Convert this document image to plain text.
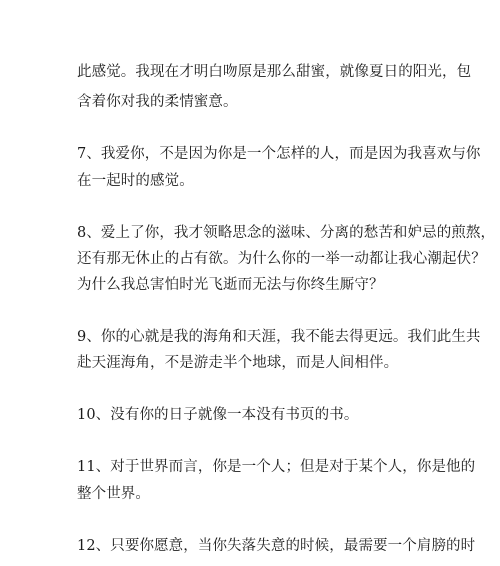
此感觉。我现在才明白吻原是那么甜蜜，就像夏日的阳光，包
含着你对我的柔情蜜意。
7、我爱你，不是因为你是一个怎样的人，而是因为我喜欢与你
在一起时的感觉。
8、爱上了你，我才领略思念的滋味、分离的愁苦和妒忌的煎熬，
还有那无休止的占有欲。为什么你的一举一动都让我心潮起伏？
为什么我总害怕时光飞逝而无法与你终生厮守？
9、你的心就是我的海角和天涯，我不能去得更远。我们此生共
赴天涯海角，不是游走半个地球，而是人间相伴。
10、没有你的日子就像一本没有书页的书。
11、对于世界而言，你是一个人；但是对于某个人，你是他的
整个世界。
12、只要你愿意，当你失落失意的时候，最需要一个肩膀的时
